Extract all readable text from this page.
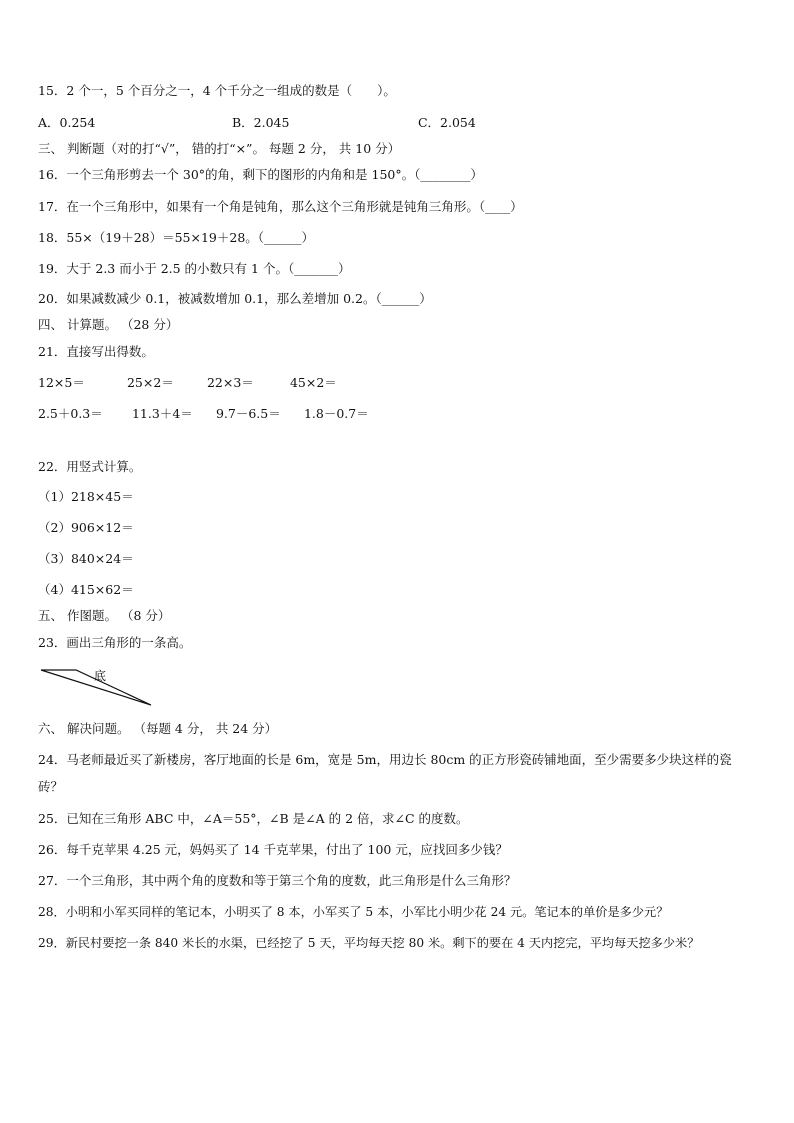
15．2 个一，5 个百分之一，4 个千分之一组成的数是（　　）。
A．0.254	B．2.045	C．2.054
三、 判断题（对的打“√”， 错的打“×”。 每题 2 分， 共 10 分）
16．一个三角形剪去一个 30°的角，剩下的图形的内角和是 150°。（________）
17．在一个三角形中，如果有一个角是钝角，那么这个三角形就是钝角三角形。（____）
18．55×（19＋28）＝55×19＋28。（______）
19．大于 2.3 而小于 2.5 的小数只有 1 个。（_______）
20．如果减数减少 0.1，被减数增加 0.1，那么差增加 0.2。（______）
四、 计算题。 （28 分）
21．直接写出得数。
12×5＝	25×2＝	22×3＝	45×2＝
2.5＋0.3＝ 11.3＋4＝ 9.7－6.5＝ 1.8－0.7＝
22．用竖式计算。
（1）218×45＝
（2）906×12＝
（3）840×24＝
（4）415×62＝
五、 作图题。 （8 分）
23．画出三角形的一条高。
底
六、 解决问题。 （每题 4 分， 共 24 分）
24．马老师最近买了新楼房，客厅地面的长是 6m，宽是 5m，用边长 80cm 的正方形瓷砖铺地面，至少需要多少块这样的瓷砖？
25．已知在三角形 ABC 中，∠A＝55°，∠B 是∠A 的 2 倍，求∠C 的度数。
26．每千克苹果 4.25 元，妈妈买了 14 千克苹果，付出了 100 元，应找回多少钱？
27．一个三角形，其中两个角的度数和等于第三个角的度数，此三角形是什么三角形？
28．小明和小军买同样的笔记本，小明买了 8 本，小军买了 5 本，小军比小明少花 24 元。笔记本的单价是多少元？
29．新民村要挖一条 840 米长的水渠，已经挖了 5 天，平均每天挖 80 米。剩下的要在 4 天内挖完，平均每天挖多少米？
